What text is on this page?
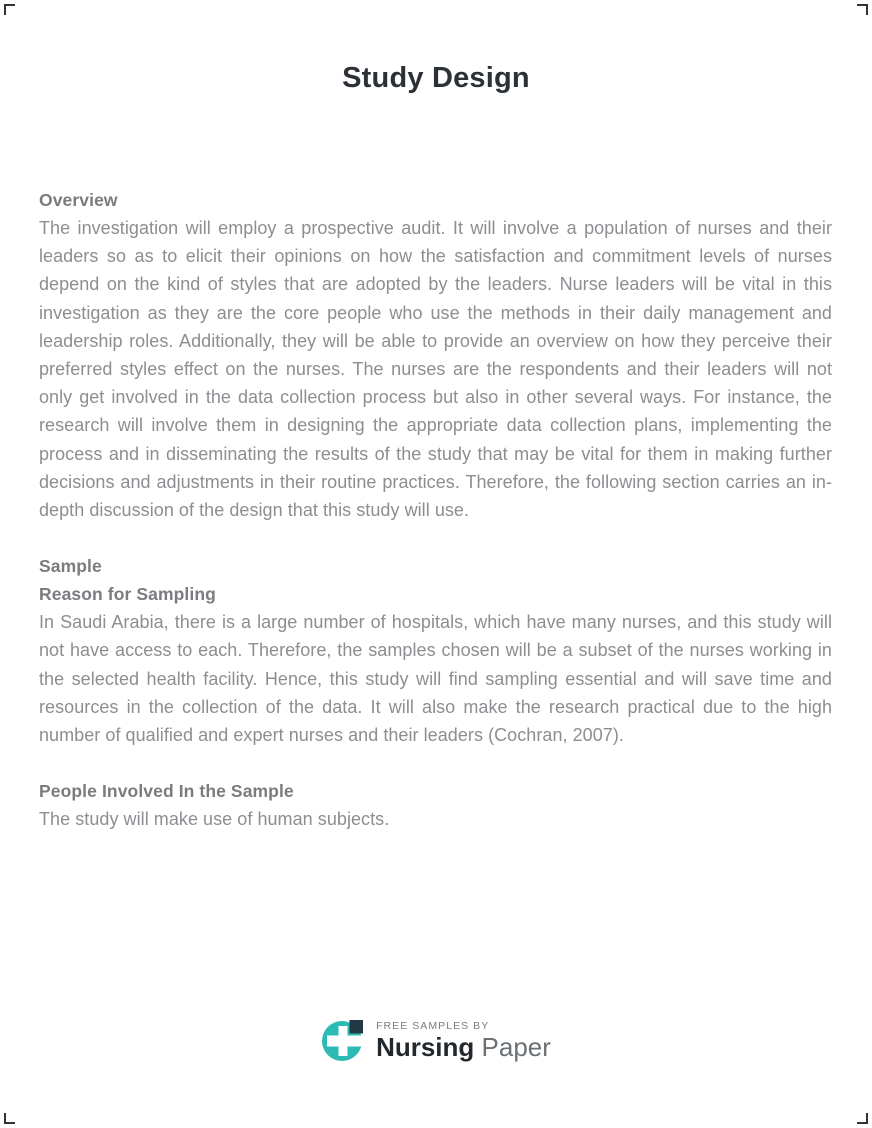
Study Design
Overview

The investigation will employ a prospective audit. It will involve a population of nurses and their leaders so as to elicit their opinions on how the satisfaction and commitment levels of nurses depend on the kind of styles that are adopted by the leaders. Nurse leaders will be vital in this investigation as they are the core people who use the methods in their daily management and leadership roles. Additionally, they will be able to provide an overview on how they perceive their preferred styles effect on the nurses. The nurses are the respondents and their leaders will not only get involved in the data collection process but also in other several ways. For instance, the research will involve them in designing the appropriate data collection plans, implementing the process and in disseminating the results of the study that may be vital for them in making further decisions and adjustments in their routine practices. Therefore, the following section carries an in-depth discussion of the design that this study will use.

Sample
Reason for Sampling

In Saudi Arabia, there is a large number of hospitals, which have many nurses, and this study will not have access to each. Therefore, the samples chosen will be a subset of the nurses working in the selected health facility. Hence, this study will find sampling essential and will save time and resources in the collection of the data. It will also make the research practical due to the high number of qualified and expert nurses and their leaders (Cochran, 2007).

People Involved In the Sample

The study will make use of human subjects.

FREE SAMPLES BY
Nursing Paper
